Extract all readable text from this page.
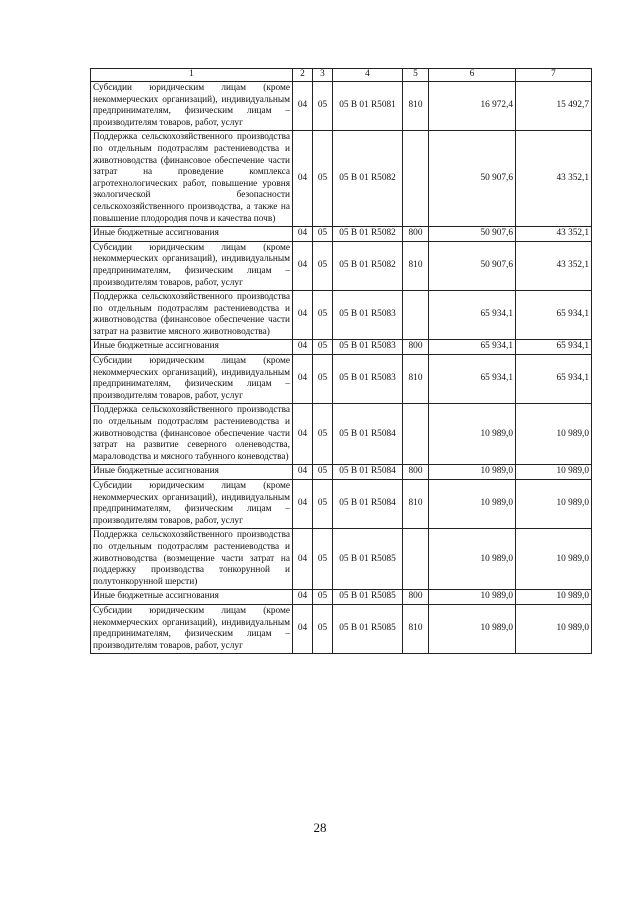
1	2	3	4	5	6	7
Субсидии юридическим лицам (кроме некоммерческих организаций), индивидуальным предпринимателям, физическим лицам – производителям товаров, работ, услуг	04	05	05 В 01 R5081	810	16 972,4	15 492,7
Поддержка сельскохозяйственного производства по отдельным подотраслям растениеводства и животноводства (финансовое обеспечение части затрат на проведение комплекса агротехнологических работ, повышение уровня экологической безопасности сельскохозяйственного производства, а также на повышение плодородия почв и качества почв)	04	05	05 В 01 R5082		50 907,6	43 352,1
Иные бюджетные ассигнования	04	05	05 В 01 R5082	800	50 907,6	43 352,1
Субсидии юридическим лицам (кроме некоммерческих организаций), индивидуальным предпринимателям, физическим лицам – производителям товаров, работ, услуг	04	05	05 В 01 R5082	810	50 907,6	43 352,1
Поддержка сельскохозяйственного производства по отдельным подотраслям растениеводства и животноводства (финансовое обеспечение части затрат на развитие мясного животноводства)	04	05	05 В 01 R5083		65 934,1	65 934,1
Иные бюджетные ассигнования	04	05	05 В 01 R5083	800	65 934,1	65 934,1
Субсидии юридическим лицам (кроме некоммерческих организаций), индивидуальным предпринимателям, физическим лицам – производителям товаров, работ, услуг	04	05	05 В 01 R5083	810	65 934,1	65 934,1
Поддержка сельскохозяйственного производства по отдельным подотраслям растениеводства и животноводства (финансовое обеспечение части затрат на развитие северного оленеводства, мараловодства и мясного табунного коневодства)	04	05	05 В 01 R5084		10 989,0	10 989,0
Иные бюджетные ассигнования	04	05	05 В 01 R5084	800	10 989,0	10 989,0
Субсидии юридическим лицам (кроме некоммерческих организаций), индивидуальным предпринимателям, физическим лицам – производителям товаров, работ, услуг	04	05	05 В 01 R5084	810	10 989,0	10 989,0
Поддержка сельскохозяйственного производства по отдельным подотраслям растениеводства и животноводства (возмещение части затрат на поддержку производства тонкорунной и полутонкорунной шерсти)	04	05	05 В 01 R5085		10 989,0	10 989,0
Иные бюджетные ассигнования	04	05	05 В 01 R5085	800	10 989,0	10 989,0
Субсидии юридическим лицам (кроме некоммерческих организаций), индивидуальным предпринимателям, физическим лицам – производителям товаров, работ, услуг	04	05	05 В 01 R5085	810	10 989,0	10 989,0
28
